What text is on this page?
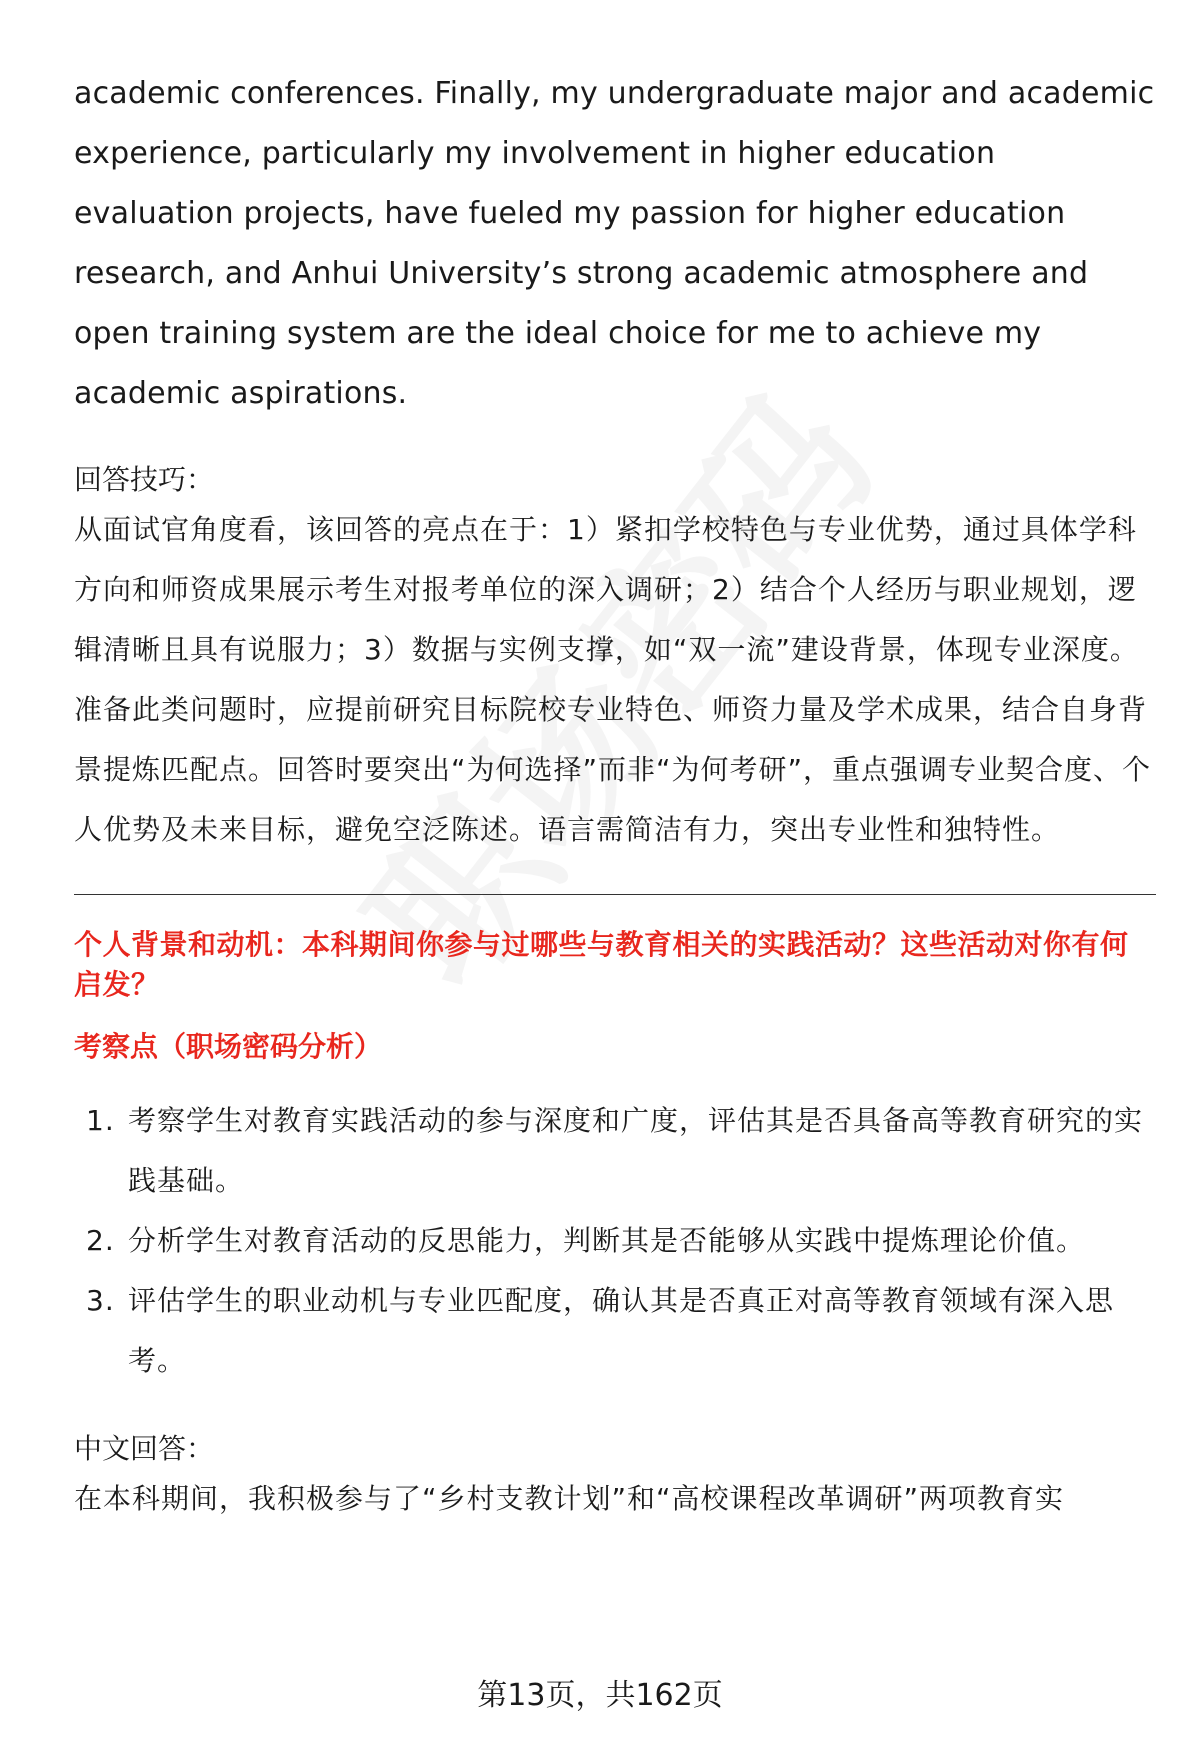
academic conferences. Finally, my undergraduate major and academic experience, particularly my involvement in higher education evaluation projects, have fueled my passion for higher education research, and Anhui University’s strong academic atmosphere and open training system are the ideal choice for me to achieve my academic aspirations.

回答技巧：

从面试官角度看，该回答的亮点在于：1）紧扣学校特色与专业优势，通过具体学科方向和师资成果展示考生对报考单位的深入调研；2）结合个人经历与职业规划，逻辑清晰且具有说服力；3）数据与实例支撑，如“双一流”建设背景，体现专业深度。

准备此类问题时，应提前研究目标院校专业特色、师资力量及学术成果，结合自身背景提炼匹配点。回答时要突出“为何选择”而非“为何考研”，重点强调专业契合度、个人优势及未来目标，避免空泛陈述。语言需简洁有力，突出专业性和独特性。

个人背景和动机：本科期间你参与过哪些与教育相关的实践活动？这些活动对你有何启发？

考察点（职场密码分析）

1. 考察学生对教育实践活动的参与深度和广度，评估其是否具备高等教育研究的实践基础。
2. 分析学生对教育活动的反思能力，判断其是否能够从实践中提炼理论价值。
3. 评估学生的职业动机与专业匹配度，确认其是否真正对高等教育领域有深入思考。

中文回答：

在本科期间，我积极参与了“乡村支教计划”和“高校课程改革调研”两项教育实

第13页，共162页
